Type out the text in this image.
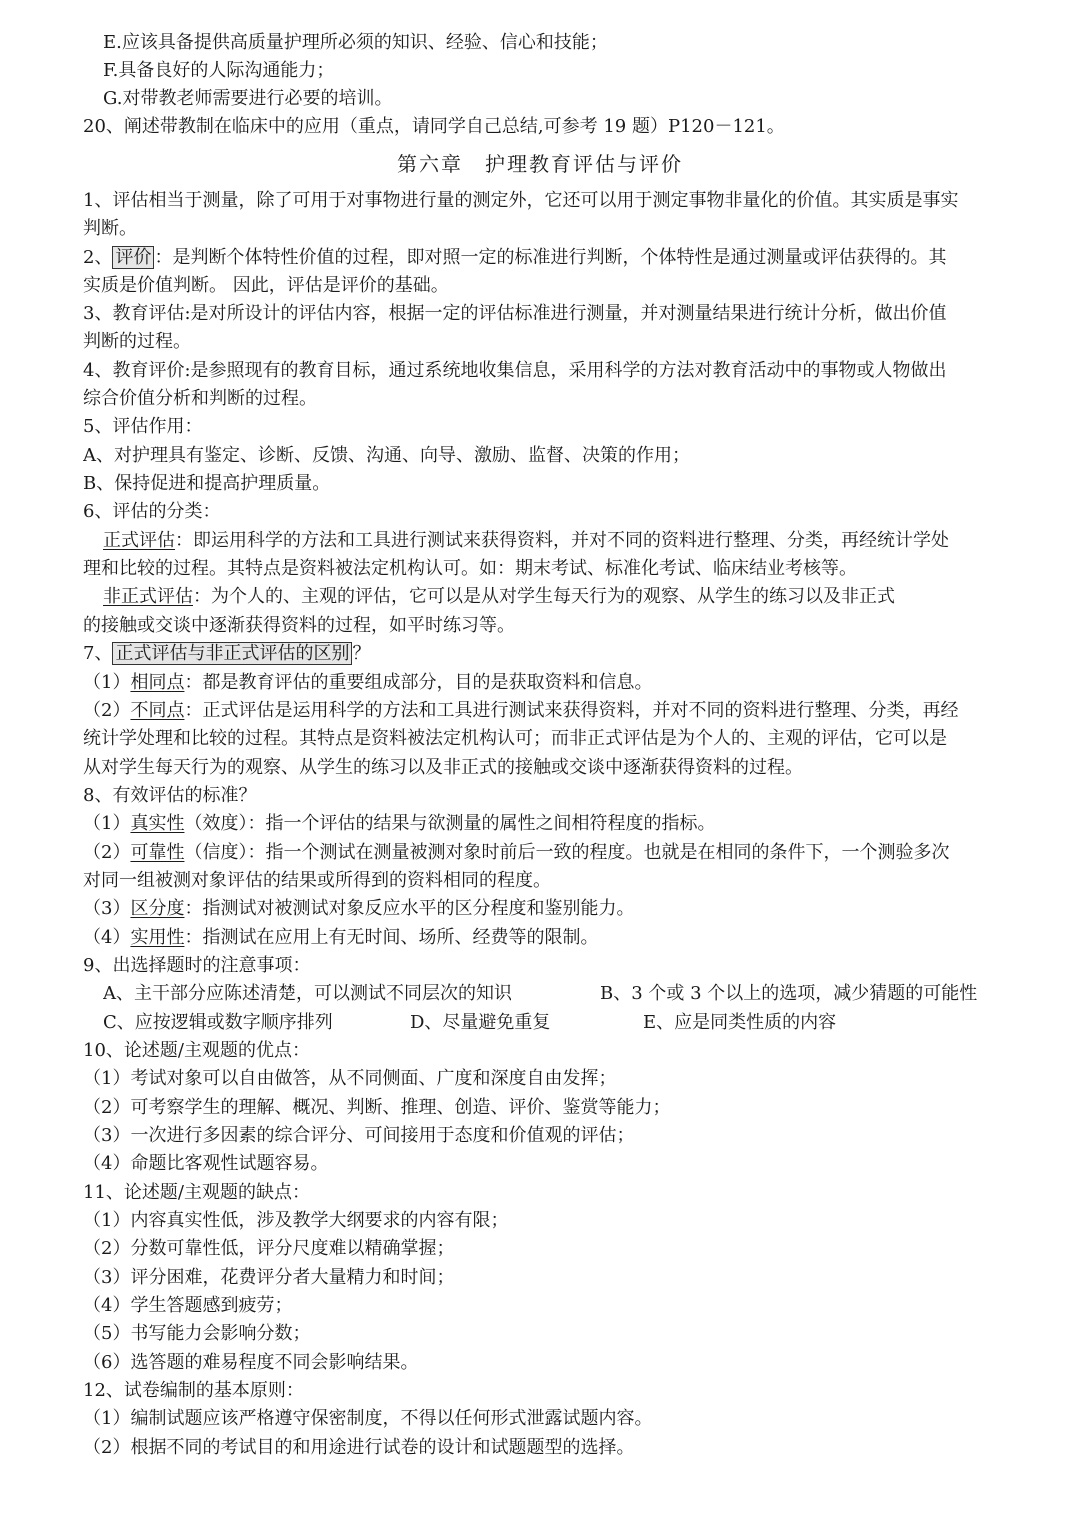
E.应该具备提供高质量护理所必须的知识、经验、信心和技能；
F.具备良好的人际沟通能力；
G.对带教老师需要进行必要的培训。
20、阐述带教制在临床中的应用（重点，请同学自己总结,可参考 19 题）P120－121。
第六章　护理教育评估与评价
1、评估相当于测量，除了可用于对事物进行量的测定外，它还可以用于测定事物非量化的价值。其实质是事实
判断。
2、 评价 ：是判断个体特性价值的过程，即对照一定的标准进行判断，个体特性是通过测量或评估获得的。其
实质是价值判断。 因此，评估是评价的基础。
3、教育评估:是对所设计的评估内容，根据一定的评估标准进行测量，并对测量结果进行统计分析，做出价值
判断的过程。
4、教育评价:是参照现有的教育目标，通过系统地收集信息，采用科学的方法对教育活动中的事物或人物做出
综合价值分析和判断的过程。
5、评估作用：
A、对护理具有鉴定、诊断、反馈、沟通、向导、激励、监督、决策的作用；
B、保持促进和提高护理质量。
6、评估的分类：
正式评估：即运用科学的方法和工具进行测试来获得资料，并对不同的资料进行整理、分类，再经统计学处
理和比较的过程。其特点是资料被法定机构认可。如：期末考试、标准化考试、临床结业考核等。
非正式评估：为个人的、主观的评估，它可以是从对学生每天行为的观察、从学生的练习以及非正式
的接触或交谈中逐渐获得资料的过程，如平时练习等。
7、 正式评估与非正式评估的区别 ？
（1）相同点：都是教育评估的重要组成部分，目的是获取资料和信息。
（2）不同点：正式评估是运用科学的方法和工具进行测试来获得资料，并对不同的资料进行整理、分类，再经
统计学处理和比较的过程。其特点是资料被法定机构认可；而非正式评估是为个人的、主观的评估，它可以是
从对学生每天行为的观察、从学生的练习以及非正式的接触或交谈中逐渐获得资料的过程。
8、有效评估的标准？
（1）真实性（效度）：指一个评估的结果与欲测量的属性之间相符程度的指标。
（2）可靠性（信度）：指一个测试在测量被测对象时前后一致的程度。也就是在相同的条件下，一个测验多次
对同一组被测对象评估的结果或所得到的资料相同的程度。
（3）区分度：指测试对被测试对象反应水平的区分程度和鉴别能力。
（4）实用性：指测试在应用上有无时间、场所、经费等的限制。
9、出选择题时的注意事项：
A、主干部分应陈述清楚，可以测试不同层次的知识	B、3 个或 3 个以上的选项，减少猜题的可能性
C、应按逻辑或数字顺序排列	D、尽量避免重复	E、应是同类性质的内容
10、论述题/主观题的优点：
（1）考试对象可以自由做答，从不同侧面、广度和深度自由发挥；
（2）可考察学生的理解、概况、判断、推理、创造、评价、鉴赏等能力；
（3）一次进行多因素的综合评分、可间接用于态度和价值观的评估；
（4）命题比客观性试题容易。
11、论述题/主观题的缺点：
（1）内容真实性低，涉及教学大纲要求的内容有限；
（2）分数可靠性低，评分尺度难以精确掌握；
（3）评分困难，花费评分者大量精力和时间；
（4）学生答题感到疲劳；
（5）书写能力会影响分数；
（6）选答题的难易程度不同会影响结果。
12、试卷编制的基本原则：
（1）编制试题应该严格遵守保密制度，不得以任何形式泄露试题内容。
（2）根据不同的考试目的和用途进行试卷的设计和试题题型的选择。
